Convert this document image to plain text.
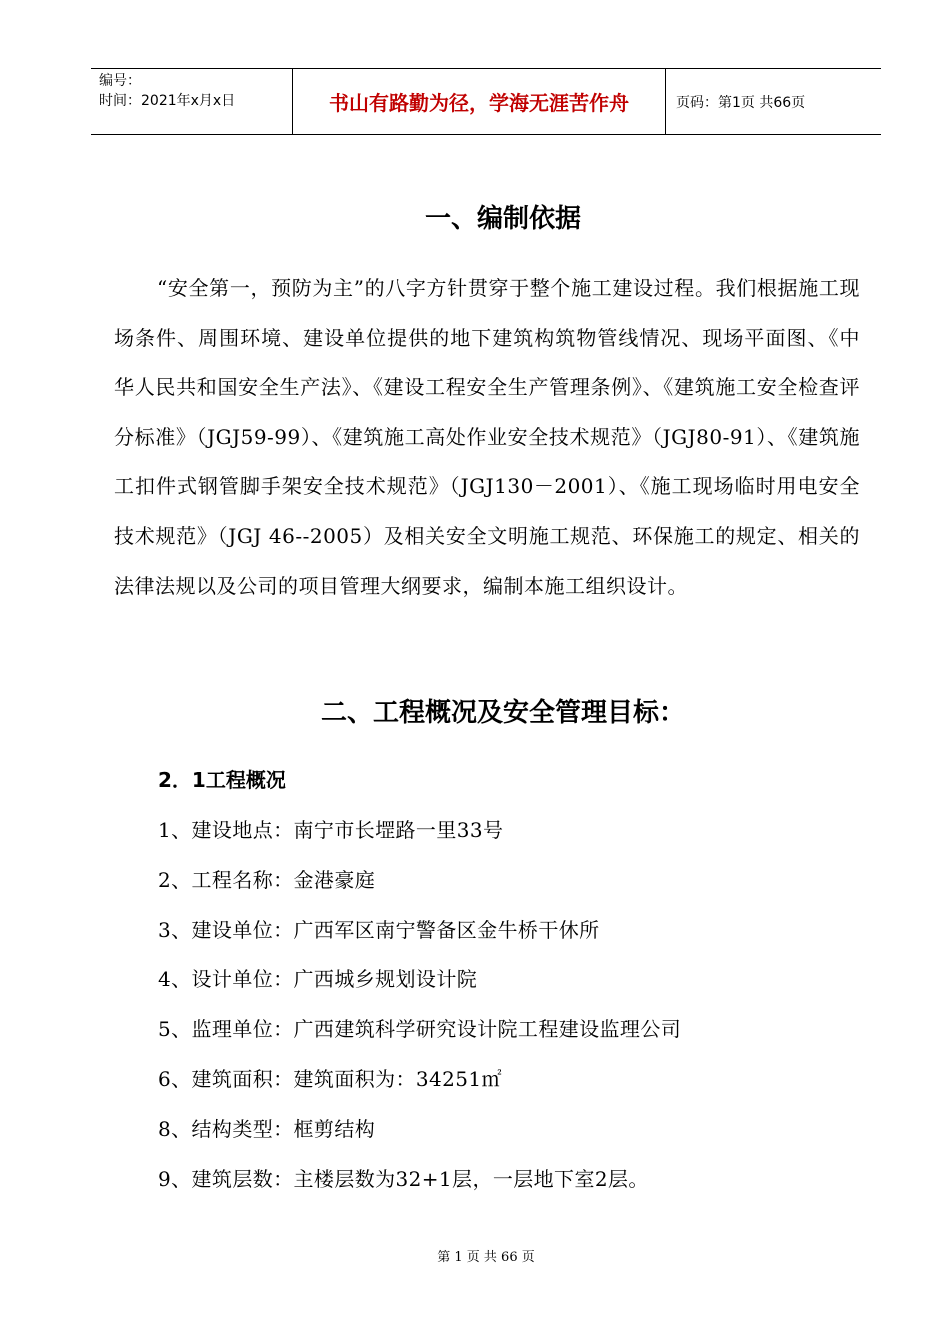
编号：
时间：2021年x月x日	书山有路勤为径，学海无涯苦作舟	页码：第1页 共66页
一、编制依据

“安全第一，预防为主”的八字方针贯穿于整个施工建设过程。我们根据施工现场条件、周围环境、建设单位提供的地下建筑构筑物管线情况、现场平面图、《中华人民共和国安全生产法》、《建设工程安全生产管理条例》、《建筑施工安全检查评分标准》（JGJ59-99）、《建筑施工高处作业安全技术规范》（JGJ80-91）、《建筑施工扣件式钢管脚手架安全技术规范》（JGJ130－2001）、《施工现场临时用电安全技术规范》（JGJ 46--2005）及相关安全文明施工规范、环保施工的规定、相关的法律法规以及公司的项目管理大纲要求，编制本施工组织设计。

二、工程概况及安全管理目标：

2．1工程概况

1、建设地点：南宁市长堽路一里33号
2、工程名称：金港豪庭
3、建设单位：广西军区南宁警备区金牛桥干休所
4、设计单位：广西城乡规划设计院
5、监理单位：广西建筑科学研究设计院工程建设监理公司
6、建筑面积：建筑面积为：34251㎡
8、结构类型：框剪结构
9、建筑层数：主楼层数为32+1层，一层地下室2层。
第 1 页 共 66 页
